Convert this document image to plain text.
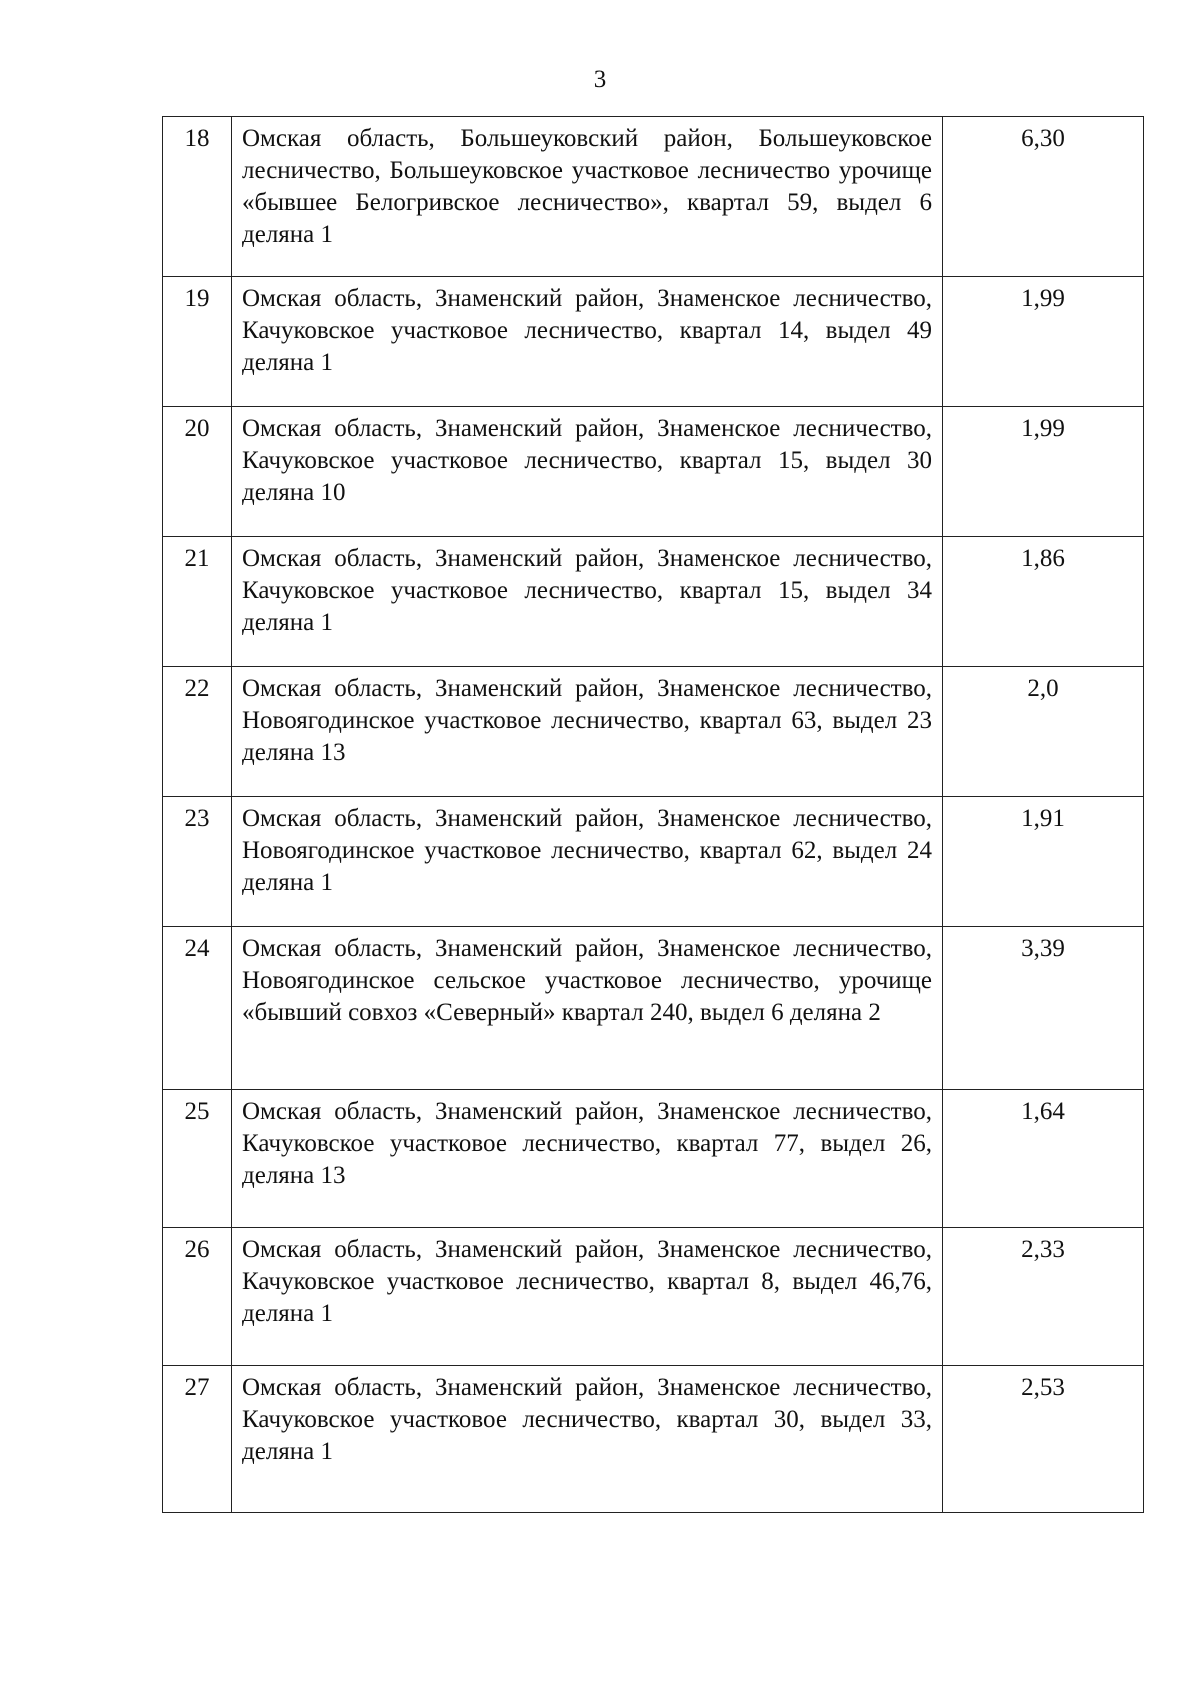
3
18	Омская область, Большеуковский район, Большеуковское лесничество, Большеуковское участковое лесничество урочище «бывшее Белогривское лесничество», квартал 59, выдел 6 деляна 1	6,30
19	Омская область, Знаменский район, Знаменское лесничество, Качуковское участковое лесничество, квартал 14, выдел 49 деляна 1	1,99
20	Омская область, Знаменский район, Знаменское лесничество, Качуковское участковое лесничество, квартал 15, выдел 30 деляна 10	1,99
21	Омская область, Знаменский район, Знаменское лесничество, Качуковское участковое лесничество, квартал 15, выдел 34 деляна 1	1,86
22	Омская область, Знаменский район, Знаменское лесничество, Новоягодинское участковое лесничество, квартал 63, выдел 23 деляна 13	2,0
23	Омская область, Знаменский район, Знаменское лесничество, Новоягодинское участковое лесничество, квартал 62, выдел 24 деляна 1	1,91
24	Омская область, Знаменский район, Знаменское лесничество, Новоягодинское сельское участковое лесничество, урочище «бывший совхоз «Северный» квартал 240, выдел 6 деляна 2	3,39
25	Омская область, Знаменский район, Знаменское лесничество, Качуковское участковое лесничество, квартал 77, выдел 26, деляна 13	1,64
26	Омская область, Знаменский район, Знаменское лесничество, Качуковское участковое лесничество, квартал 8, выдел 46,76, деляна 1	2,33
27	Омская область, Знаменский район, Знаменское лесничество, Качуковское участковое лесничество, квартал 30, выдел 33, деляна 1	2,53
